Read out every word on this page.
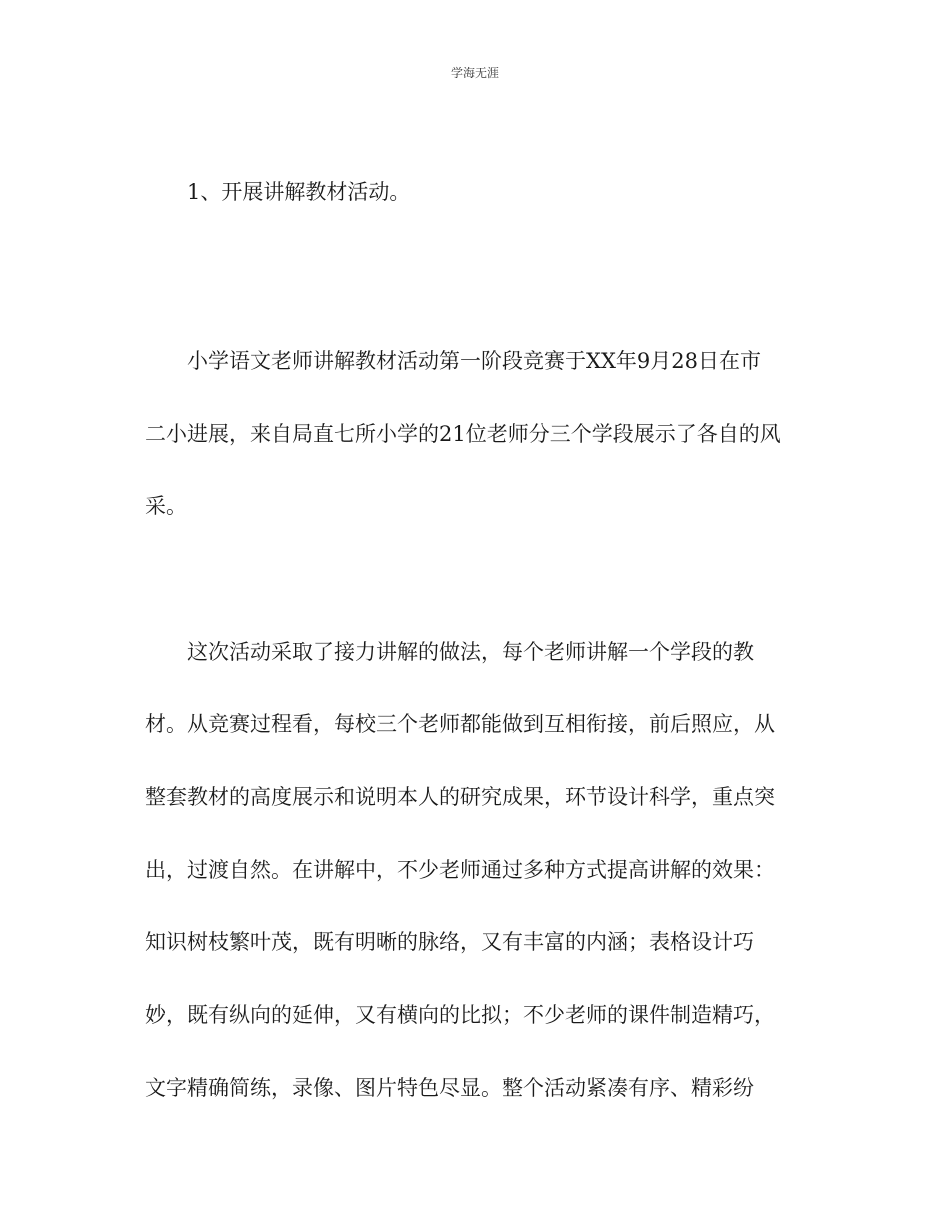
学海无涯
1、开展讲解教材活动。
小学语文老师讲解教材活动第一阶段竞赛于XX年9月28日在市
二小进展，来自局直七所小学的21位老师分三个学段展示了各自的风
采。
这次活动采取了接力讲解的做法，每个老师讲解一个学段的教
材。从竞赛过程看，每校三个老师都能做到互相衔接，前后照应，从
整套教材的高度展示和说明本人的研究成果，环节设计科学，重点突
出，过渡自然。在讲解中，不少老师通过多种方式提高讲解的效果：
知识树枝繁叶茂，既有明晰的脉络，又有丰富的内涵；表格设计巧
妙，既有纵向的延伸，又有横向的比拟；不少老师的课件制造精巧，
文字精确简练，录像、图片特色尽显。整个活动紧凑有序、精彩纷
